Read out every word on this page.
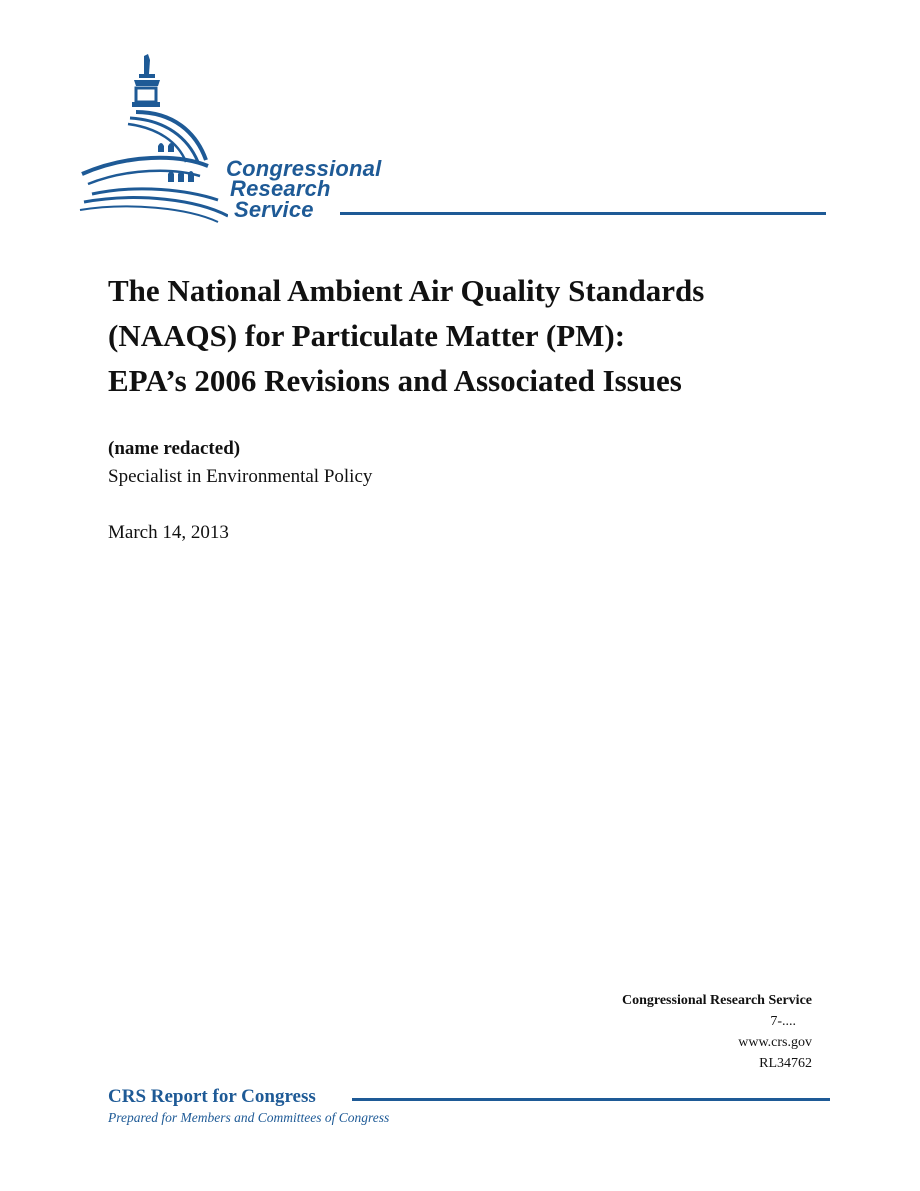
Congressional
Research
Service
The National Ambient Air Quality Standards
(NAAQS) for Particulate Matter (PM):
EPA’s 2006 Revisions and Associated Issues
(name redacted)
Specialist in Environmental Policy
March 14, 2013
Congressional Research Service
7-....
www.crs.gov
RL34762
CRS Report for Congress
Prepared for Members and Committees of Congress
